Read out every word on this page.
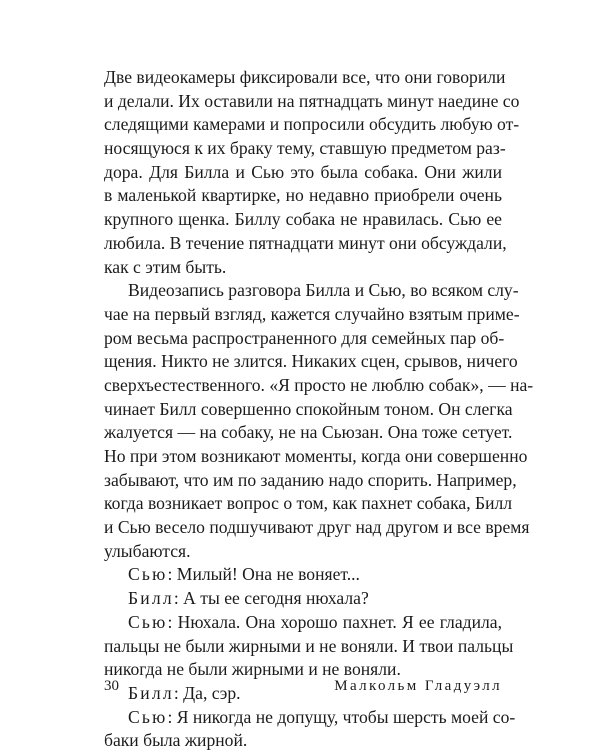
Две видеокамеры фиксировали все, что они говорили
и делали. Их оставили на пятнадцать минут наедине со
следящими камерами и попросили обсудить любую от-
носящуюся к их браку тему, ставшую предметом раз-
дора. Для Билла и Сью это была собака. Они жили
в маленькой квартирке, но недавно приобрели очень
крупного щенка. Биллу собака не нравилась. Сью ее
любила. В течение пятнадцати минут они обсуждали,
как с этим быть.
Видеозапись разговора Билла и Сью, во всяком слу-
чае на первый взгляд, кажется случайно взятым приме-
ром весьма распространенного для семейных пар об-
щения. Никто не злится. Никаких сцен, срывов, ничего
сверхъестественного. «Я просто не люблю собак», — на-
чинает Билл совершенно спокойным тоном. Он слегка
жалуется — на собаку, не на Сьюзан. Она тоже сетует.
Но при этом возникают моменты, когда они совершенно
забывают, что им по заданию надо спорить. Например,
когда возникает вопрос о том, как пахнет собака, Билл
и Сью весело подшучивают друг над другом и все время
улыбаются.
Сью: Милый! Она не воняет...
Билл: А ты ее сегодня нюхала?
Сью: Нюхала. Она хорошо пахнет. Я ее гладила,
пальцы не были жирными и не воняли. И твои пальцы
никогда не были жирными и не воняли.
Билл: Да, сэр.
Сью: Я никогда не допущу, чтобы шерсть моей со-
баки была жирной.
30	Малкольм Гладуэлл
